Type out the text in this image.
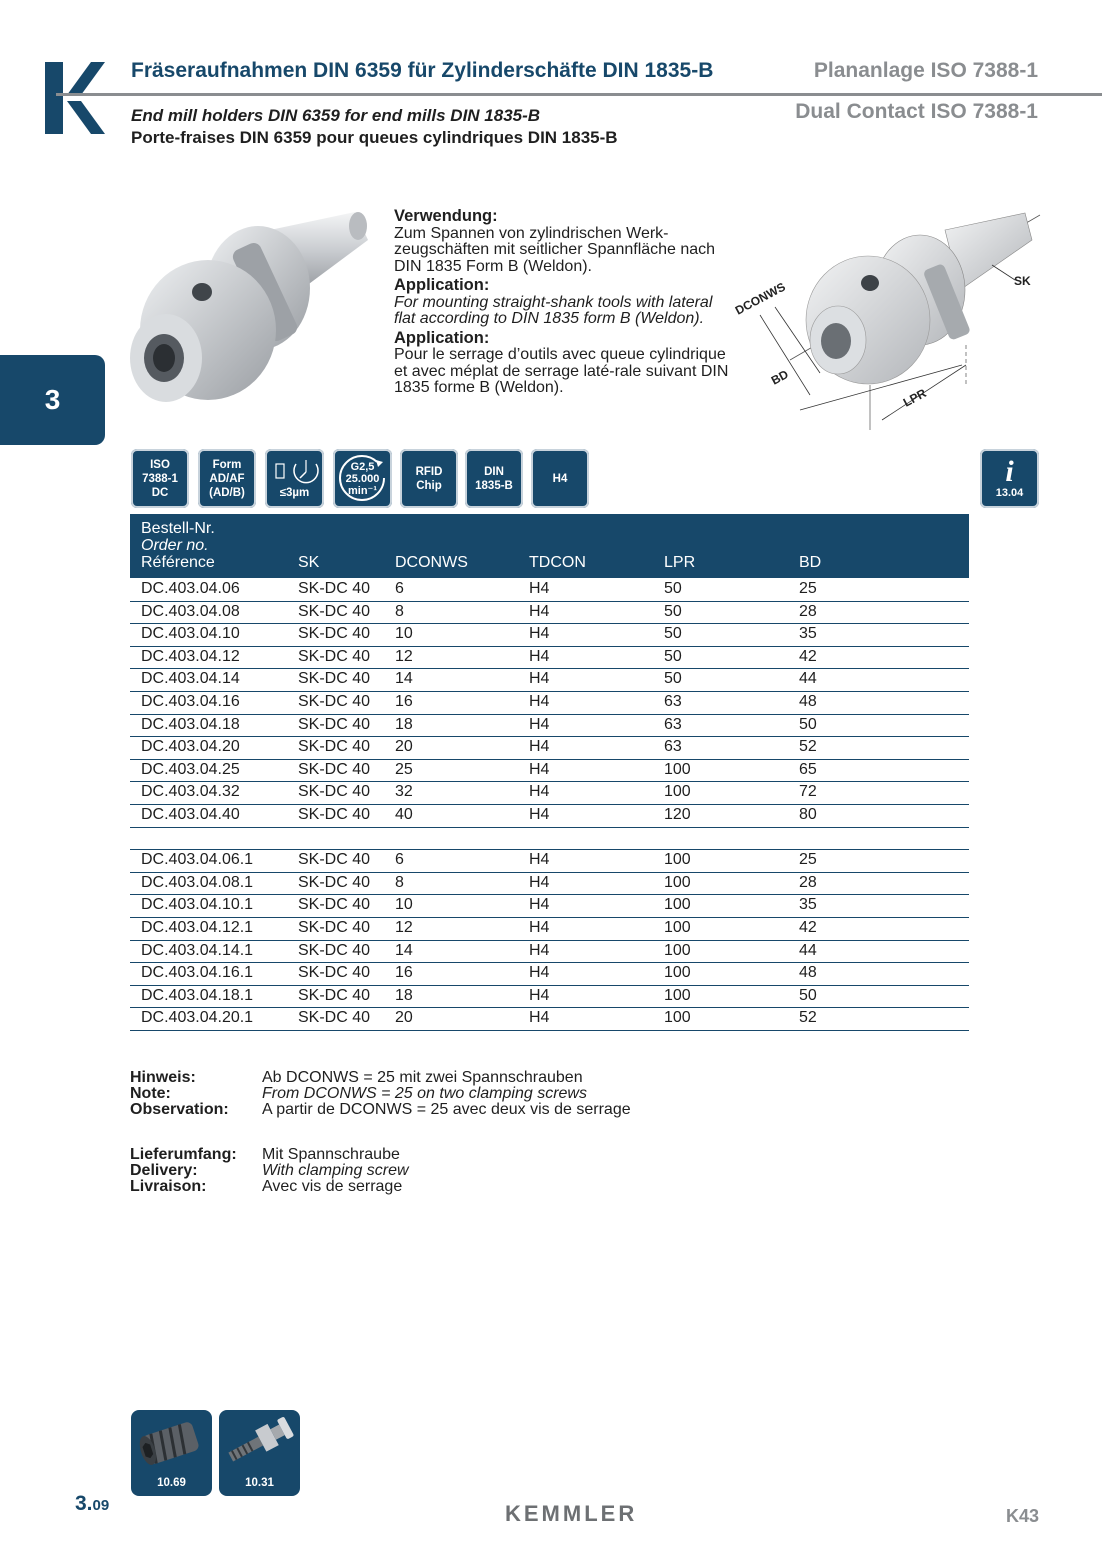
Fräseraufnahmen DIN 6359 für Zylinderschäfte DIN 1835-B	Plananlage ISO 7388-1
End mill holders DIN 6359 for end mills DIN 1835-B
Porte-fraises DIN 6359 pour queues cylindriques DIN 1835-B
Dual Contact ISO 7388-1
3

Verwendung:
Zum Spannen von zylindrischen Werk-zeugschäften mit seitlicher Spannfläche nach DIN 1835 Form B (Weldon).

Application:
For mounting straight-shank tools with lateral flat according to DIN 1835 form B (Weldon).

Application:
Pour le serrage d’outils avec queue cylindrique et avec méplat de serrage laté-rale suivant DIN 1835 forme B (Weldon).

DCONWS
BD
LPR
SK
ISO
7388-1
DC
Form
AD/AF
(AD/B)	≤3µm
G2,5
25.000
min⁻¹
RFID
Chip
DIN
1835-B
H4	i
13.04
Bestell-Nr.
Order no.
Référence	SK	DCONWS	TDCON	LPR	BD
DC.403.04.06	SK-DC 40 6	H4	50	25
DC.403.04.08	SK-DC 40 8	H4	50	28
DC.403.04.10	SK-DC 40 10	H4	50	35
DC.403.04.12	SK-DC 40 12	H4	50	42
DC.403.04.14	SK-DC 40 14	H4	50	44
DC.403.04.16	SK-DC 40 16	H4	63	48
DC.403.04.18	SK-DC 40 18	H4	63	50
DC.403.04.20	SK-DC 40 20	H4	63	52
DC.403.04.25	SK-DC 40 25	H4	100	65
DC.403.04.32	SK-DC 40 32	H4	100	72
DC.403.04.40	SK-DC 40 40	H4	120	80
DC.403.04.06.1	SK-DC 40 6	H4	100	25
DC.403.04.08.1	SK-DC 40 8	H4	100	28
DC.403.04.10.1	SK-DC 40 10	H4	100	35
DC.403.04.12.1	SK-DC 40 12	H4	100	42
DC.403.04.14.1	SK-DC 40 14	H4	100	44
DC.403.04.16.1	SK-DC 40 16	H4	100	48
DC.403.04.18.1	SK-DC 40 18	H4	100	50
DC.403.04.20.1	SK-DC 40 20	H4	100	52
Hinweis:
Note:
Observation:
Ab DCONWS = 25 mit zwei Spannschrauben
From DCONWS = 25 on two clamping screws
A partir de DCONWS = 25 avec deux vis de serrage
Lieferumfang:
Delivery:
Livraison:
Mit Spannschraube
With clamping screw
Avec vis de serrage
10.69	10.31
3.09	KEMMLER	K43
